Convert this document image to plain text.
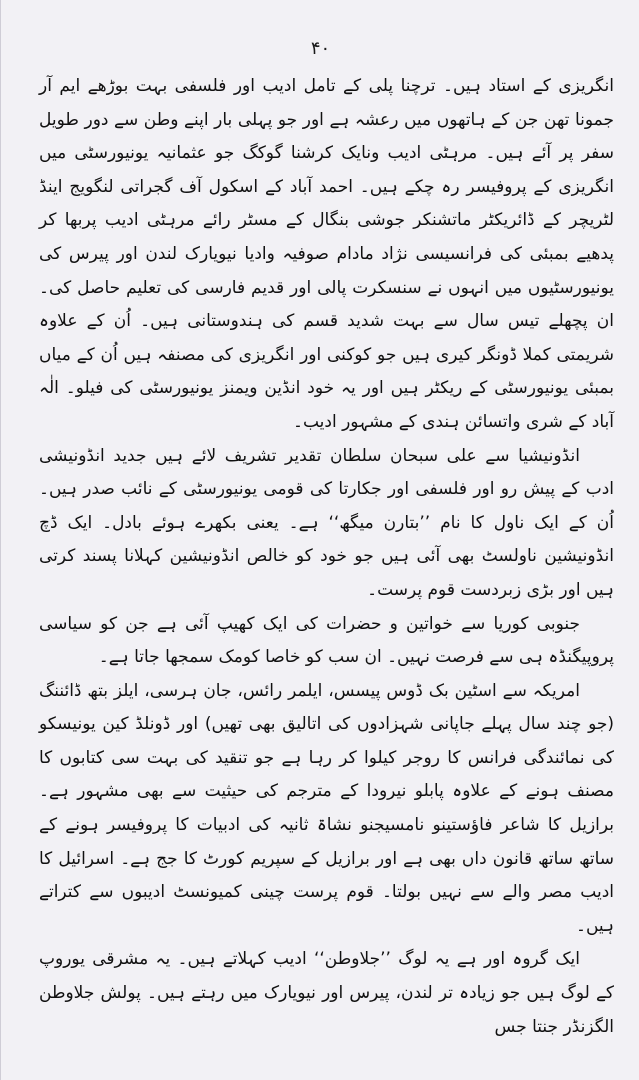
۴۰

انگریزی کے استاد ہیں۔ ترچنا پلی کے تامل ادیب اور فلسفی بہت بوڑھے ایم آر جمونا تھن جن کے ہاتھوں میں رعشہ ہے اور جو پہلی بار اپنے وطن سے دور طویل سفر پر آئے ہیں۔ مرہٹی ادیب ونایک کرشنا گوکگ جو عثمانیہ یونیورسٹی میں انگریزی کے پروفیسر رہ چکے ہیں۔ احمد آباد کے اسکول آف گجراتی لنگویج اینڈ لٹریچر کے ڈائریکٹر ماتشنکر جوشی بنگال کے مسٹر رائے مرہٹی ادیب پربھا کر پدھیے بمبئی کی فرانسیسی نژاد مادام صوفیہ وادیا نیویارک لندن اور پیرس کی یونیورسٹیوں میں انہوں نے سنسکرت پالی اور قدیم فارسی کی تعلیم حاصل کی۔ ان پچھلے تیس سال سے بہت شدید قسم کی ہندوستانی ہیں۔ اُن کے علاوہ شریمتی کملا ڈونگر کیری ہیں جو کوکنی اور انگریزی کی مصنفہ ہیں اُن کے میاں بمبئی یونیورسٹی کے ریکٹر ہیں اور یہ خود انڈین ویمنز یونیورسٹی کی فیلو۔ الٰہ آباد کے شری واتسائن ہندی کے مشہور ادیب۔

انڈونیشیا سے علی سبحان سلطان تقدیر تشریف لائے ہیں جدید انڈونیشی ادب کے پیش رو اور فلسفی اور جکارتا کی قومی یونیورسٹی کے نائب صدر ہیں۔ اُن کے ایک ناول کا نام ’’بتارن میگھ‘‘ ہے۔ یعنی بکھرے ہوئے بادل۔ ایک ڈچ انڈونیشین ناولسٹ بھی آئی ہیں جو خود کو خالص انڈونیشین کہلانا پسند کرتی ہیں اور بڑی زبردست قوم پرست۔

جنوبی کوریا سے خواتین و حضرات کی ایک کھیپ آئی ہے جن کو سیاسی پروپیگنڈہ ہی سے فرصت نہیں۔ ان سب کو خاصا کومک سمجھا جاتا ہے۔

امریکہ سے اسٹین بک ڈوس پیسس، ایلمر رائس، جان ہرسی، ایلز بتھ ڈائننگ (جو چند سال پہلے جاپانی شہزادوں کی اتالیق بھی تھیں) اور ڈونلڈ کین یونیسکو کی نمائندگی فرانس کا روجر کیلوا کر رہا ہے جو تنقید کی بہت سی کتابوں کا مصنف ہونے کے علاوہ پابلو نیرودا کے مترجم کی حیثیت سے بھی مشہور ہے۔ برازیل کا شاعر فاؤستینو نامسیجنو نشاۃ ثانیہ کی ادبیات کا پروفیسر ہونے کے ساتھ ساتھ قانون داں بھی ہے اور برازیل کے سپریم کورٹ کا جج ہے۔ اسرائیل کا ادیب مصر والے سے نہیں بولتا۔ قوم پرست چینی کمیونسٹ ادیبوں سے کتراتے ہیں۔

ایک گروہ اور ہے یہ لوگ ’’جلاوطن‘‘ ادیب کہلاتے ہیں۔ یہ مشرقی یوروپ کے لوگ ہیں جو زیادہ تر لندن، پیرس اور نیویارک میں رہتے ہیں۔ پولش جلاوطن الگزنڈر جنتا جس
